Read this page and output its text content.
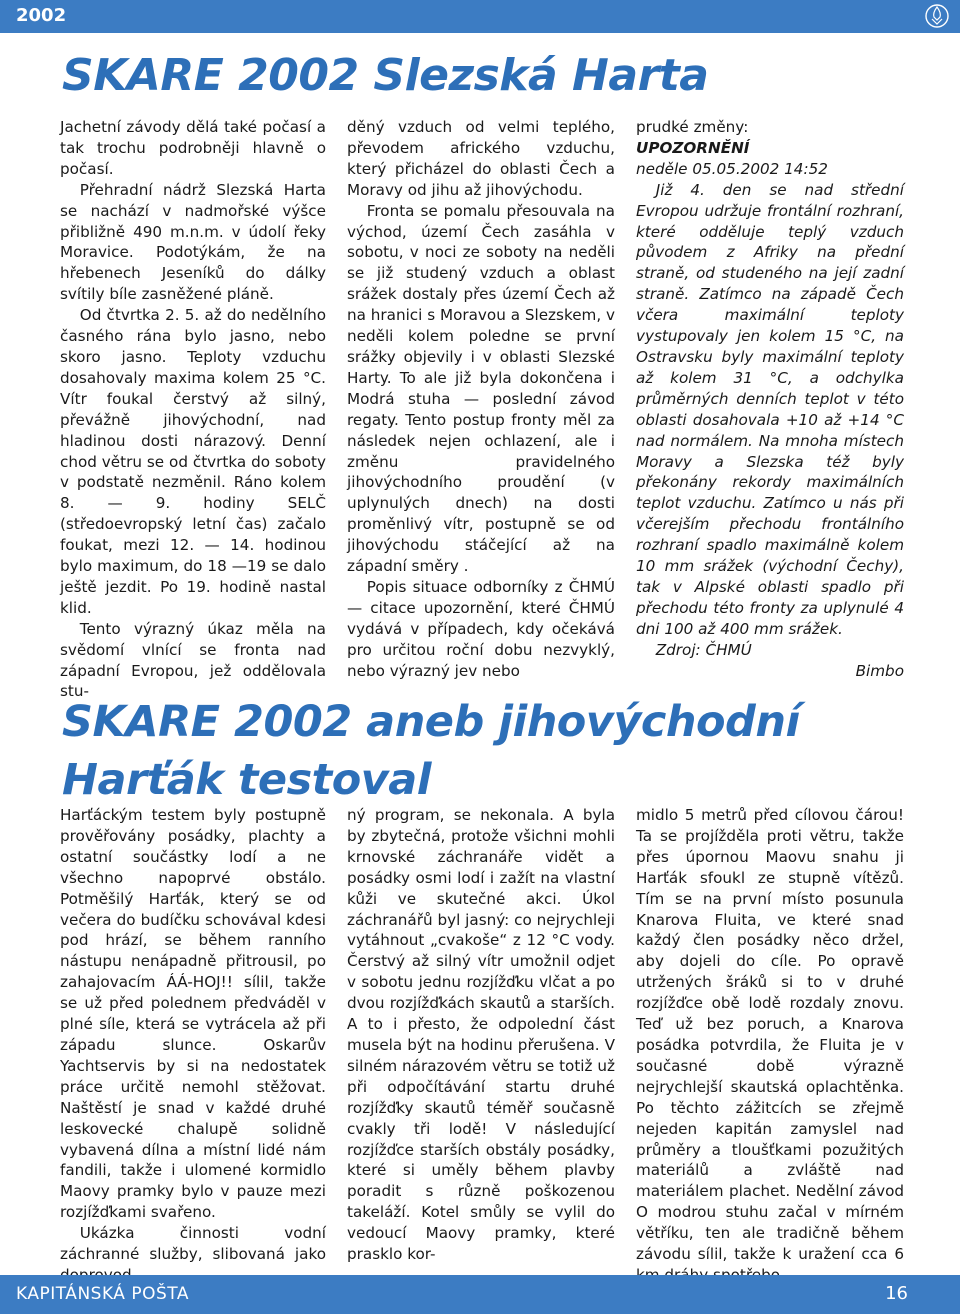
2002
SKARE 2002 Slezská Harta

Jachetní závody dělá také počasí a tak trochu podrobněji hlavně o počasí.

Přehradní nádrž Slezská Harta se nachází v nadmořské výšce přibližně 490 m.n.m. v údolí řeky Moravice. Podotýkám, že na hřebenech Jeseníků do dálky svítily bíle zasněžené pláně.

Od čtvrtka 2. 5. až do nedělního časného rána bylo jasno, nebo skoro jasno. Teploty vzduchu dosahovaly maxima kolem 25 °C. Vítr foukal čerstvý až silný, převážně jihovýchodní, nad hladinou dosti nárazový. Denní chod větru se od čtvrtka do soboty v podstatě nezměnil. Ráno kolem 8. — 9. hodiny SELČ (středoevropský letní čas) začalo foukat, mezi 12. — 14. hodinou bylo maximum, do 18 —19 se dalo ještě jezdit. Po 19. hodině nastal klid.

Tento výrazný úkaz měla na svědomí vlnící se fronta nad západní Evropou, jež oddělovala stu-

děný vzduch od velmi teplého, převodem afrického vzduchu, který přicházel do oblasti Čech a Moravy od jihu až jihovýchodu.

Fronta se pomalu přesouvala na východ, území Čech zasáhla v sobotu, v noci ze soboty na neděli se již studený vzduch a oblast srážek dostaly přes území Čech až na hranici s Moravou a Slezskem, v neděli kolem poledne se první srážky objevily i v oblasti Slezské Harty. To ale již byla dokončena i Modrá stuha — poslední závod regaty. Tento postup fronty měl za následek nejen ochlazení, ale i změnu pravidelného jihovýchodního proudění (v uplynulých dnech) na dosti proměnlivý vítr, postupně se od jihovýchodu stáčející až na západní směry .

Popis situace odborníky z ČHMÚ — citace upozornění, které ČHMÚ vydává v případech, kdy očekává pro určitou roční dobu nezvyklý, nebo výrazný jev nebo

prudké změny:

UPOZORNĚNÍ

neděle 05.05.2002 14:52

Již 4. den se nad střední Evropou udržuje frontální rozhraní, které odděluje teplý vzduch původem z Afriky na přední straně, od studeného na její zadní straně. Zatímco na západě Čech včera maximální teploty vystupovaly jen kolem 15 °C, na Ostravsku byly maximální teploty až kolem 31 °C, a odchylka průměrných denních teplot v této oblasti dosahovala +10 až +14 °C nad normálem. Na mnoha místech Moravy a Slezska též byly překonány rekordy maximálních teplot vzduchu. Zatímco u nás při včerejším přechodu frontálního rozhraní spadlo maximálně kolem 10 mm srážek (východní Čechy), tak v Alpské oblasti spadlo při přechodu této fronty za uplynulé 4 dni 100 až 400 mm srážek.

Zdroj: ČHMÚ

Bimbo

SKARE 2002 aneb jihovýchodní Harťák testoval

Harťáckým testem byly postupně prověřovány posádky, plachty a ostatní součástky lodí a ne všechno napoprvé obstálo. Potměšilý Harťák, který se od večera do budíčku schovával kdesi pod hrází, se během ranního nástupu nenápadně přitrousil, po zahajovacím ÁÁ-HOJ!! sílil, takže se už před polednem předváděl v plné síle, která se vytrácela až při západu slunce. Oskarův Yachtservis by si na nedostatek práce určitě nemohl stěžovat. Naštěstí je snad v každé druhé leskovecké chalupě solidně vybavená dílna a místní lidé nám fandili, takže i ulomené kormidlo Maovy pramky bylo v pauze mezi rozjížďkami svařeno.

Ukázka činnosti vodní záchranné služby, slibovaná jako

ný program, se nekonala. A byla by zbytečná, protože všichni mohli krnovské záchranáře vidět a posádky osmi lodí i zažít na vlastní kůži ve skutečné akci. Úkol záchranářů byl jasný: co nejrychleji vytáhnout „cvakoše“ z 12 °C vody. Čerstvý až silný vítr umožnil odjet v sobotu jednu rozjížďku vlčat a po dvou rozjížďkách skautů a starších. A to i přesto, že odpolední část musela být na hodinu přerušena. V silném nárazovém větru se totiž už při odpočítávání startu druhé rozjížďky skautů téměř současně cvakly tři lodě! V následující rozjížďce starších obstály posádky, které si uměly během plavby poradit s různě poškozenou takeláží. Kotel smůly se vylil do vedoucí Maovy pramky, které prasklo kor-

midlo 5 metrů před cílovou čárou! Ta se projížděla proti větru, takže přes úpornou Maovu snahu ji Harťák sfoukl ze stupně vítězů. Tím se na první místo posunula Knarova Fluita, ve které snad každý člen posádky něco držel, aby dojeli do cíle. Po opravě utržených šráků si to v druhé rozjížďce obě lodě rozdaly znovu. Teď už bez poruch, a Knarova posádka potvrdila, že Fluita je v současné době výrazně nejrychlejší skautská oplachtěnka. Po těchto zážitcích se zřejmě nejeden kapitán zamyslel nad průměry a tloušťkami pozužitých materiálů a zvláště nad materiálem plachet. Nedělní závod O modrou stuhu začal v mírném větříku, ten ale tradičně během závodu sílil, takže k uražení cca 6

KAPITÁNSKÁ POŠTA	16
